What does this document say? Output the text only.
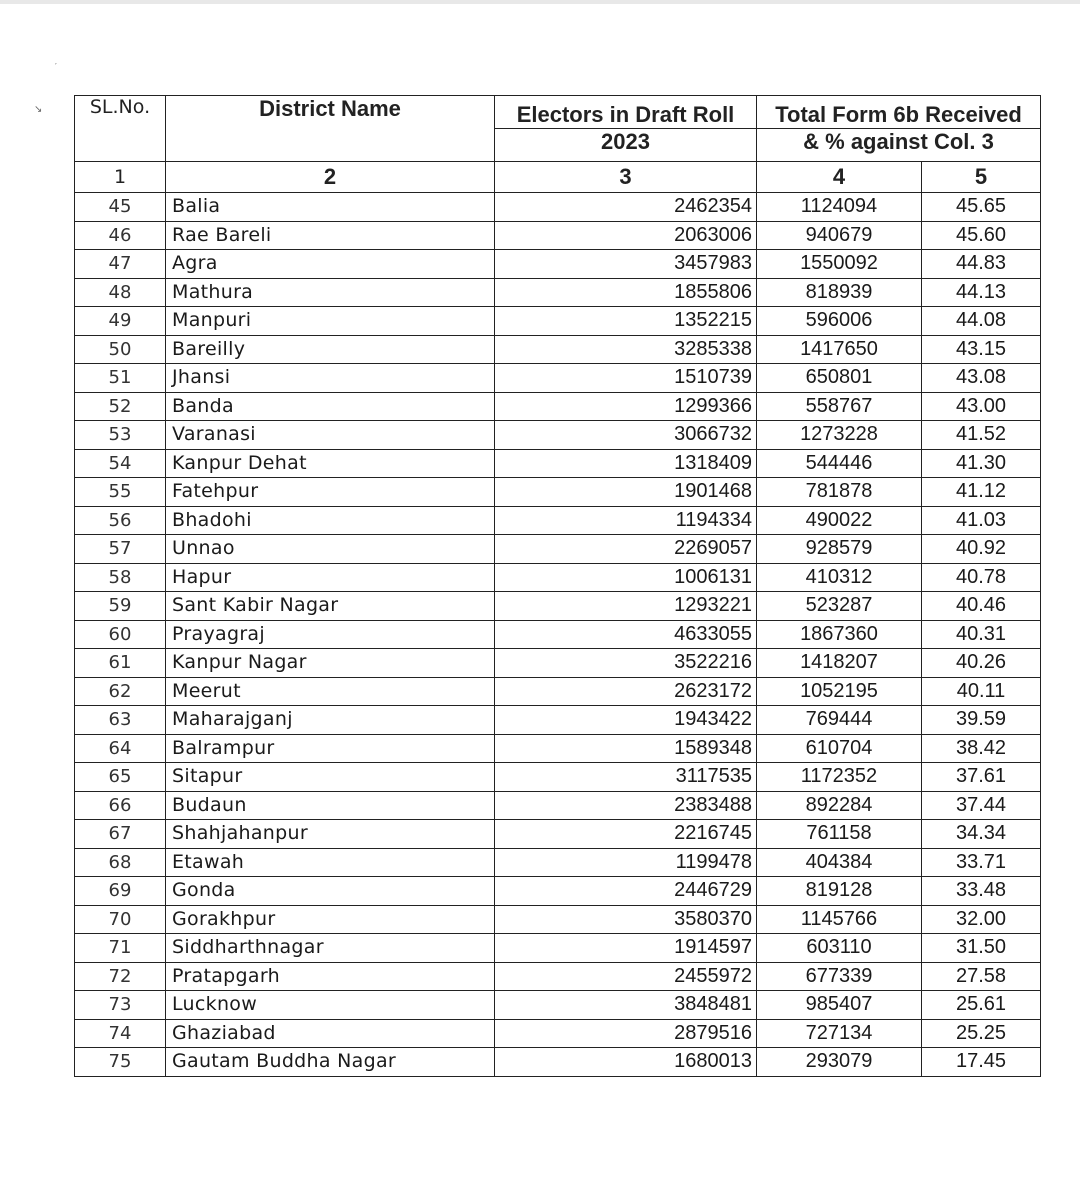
↘
′
SL.No.	District Name	Electors in Draft Roll	Total Form 6b Received	
		2023	& % against Col. 3	
1	2	3	4	5
45	Balia	2462354	1124094	45.65
46	Rae Bareli	2063006	940679	45.60
47	Agra	3457983	1550092	44.83
48	Mathura	1855806	818939	44.13
49	Manpuri	1352215	596006	44.08
50	Bareilly	3285338	1417650	43.15
51	Jhansi	1510739	650801	43.08
52	Banda	1299366	558767	43.00
53	Varanasi	3066732	1273228	41.52
54	Kanpur Dehat	1318409	544446	41.30
55	Fatehpur	1901468	781878	41.12
56	Bhadohi	1194334	490022	41.03
57	Unnao	2269057	928579	40.92
58	Hapur	1006131	410312	40.78
59	Sant Kabir Nagar	1293221	523287	40.46
60	Prayagraj	4633055	1867360	40.31
61	Kanpur Nagar	3522216	1418207	40.26
62	Meerut	2623172	1052195	40.11
63	Maharajganj	1943422	769444	39.59
64	Balrampur	1589348	610704	38.42
65	Sitapur	3117535	1172352	37.61
66	Budaun	2383488	892284	37.44
67	Shahjahanpur	2216745	761158	34.34
68	Etawah	1199478	404384	33.71
69	Gonda	2446729	819128	33.48
70	Gorakhpur	3580370	1145766	32.00
71	Siddharthnagar	1914597	603110	31.50
72	Pratapgarh	2455972	677339	27.58
73	Lucknow	3848481	985407	25.61
74	Ghaziabad	2879516	727134	25.25
75	Gautam Buddha Nagar	1680013	293079	17.45
